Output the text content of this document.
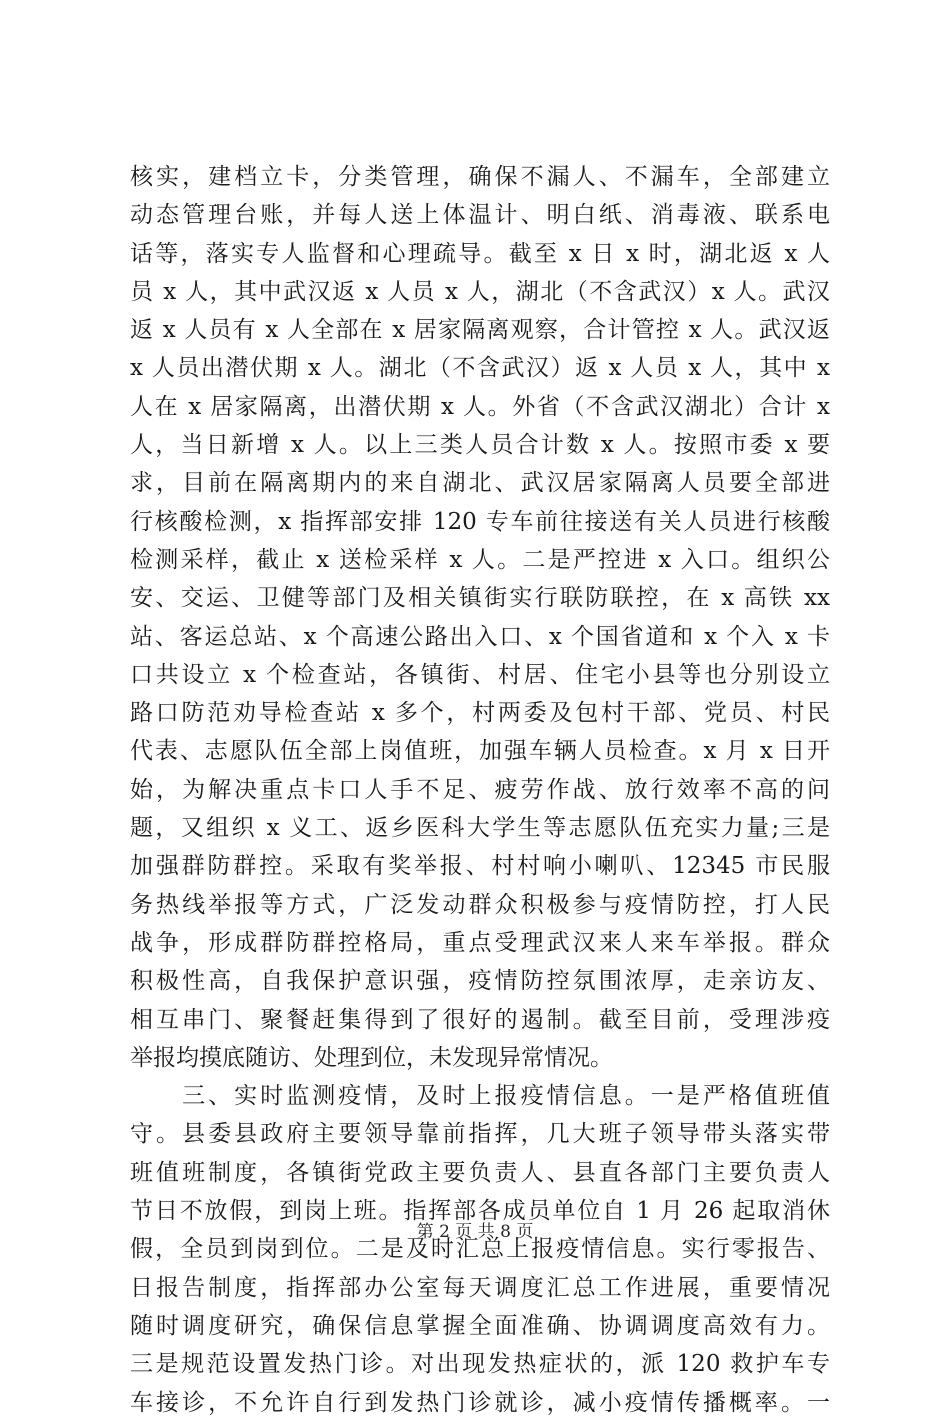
核实，建档立卡，分类管理，确保不漏人、不漏车，全部建立
动态管理台账，并每人送上体温计、明白纸、消毒液、联系电
话等，落实专人监督和心理疏导。截至 x 日 x 时，湖北返 x 人
员 x 人，其中武汉返 x 人员 x 人，湖北（不含武汉）x 人。武汉
返 x 人员有 x 人全部在 x 居家隔离观察，合计管控 x 人。武汉返
x 人员出潜伏期 x 人。湖北（不含武汉）返 x 人员 x 人，其中 x
人在 x 居家隔离，出潜伏期 x 人。外省（不含武汉湖北）合计 x
人，当日新增 x 人。以上三类人员合计数 x 人。按照市委 x 要
求，目前在隔离期内的来自湖北、武汉居家隔离人员要全部进
行核酸检测，x 指挥部安排 120 专车前往接送有关人员进行核酸
检测采样，截止 x 送检采样 x 人。二是严控进 x 入口。组织公
安、交运、卫健等部门及相关镇街实行联防联控，在 x 高铁 xx
站、客运总站、x 个高速公路出入口、x 个国省道和 x 个入 x 卡
口共设立 x 个检查站，各镇街、村居、住宅小县等也分别设立
路口防范劝导检查站 x 多个，村两委及包村干部、党员、村民
代表、志愿队伍全部上岗值班，加强车辆人员检查。x 月 x 日开
始，为解决重点卡口人手不足、疲劳作战、放行效率不高的问
题，又组织 x 义工、返乡医科大学生等志愿队伍充实力量;三是
加强群防群控。采取有奖举报、村村响小喇叭、12345 市民服
务热线举报等方式，广泛发动群众积极参与疫情防控，打人民
战争，形成群防群控格局，重点受理武汉来人来车举报。群众
积极性高，自我保护意识强，疫情防控氛围浓厚，走亲访友、
相互串门、聚餐赶集得到了很好的遏制。截至目前，受理涉疫
举报均摸底随访、处理到位，未发现异常情况。
　　三、实时监测疫情，及时上报疫情信息。一是严格值班值
守。县委县政府主要领导靠前指挥，几大班子领导带头落实带
班值班制度，各镇街党政主要负责人、县直各部门主要负责人
节日不放假，到岗上班。指挥部各成员单位自 1 月 26 起取消休
假，全员到岗到位。二是及时汇总上报疫情信息。实行零报告、
日报告制度，指挥部办公室每天调度汇总工作进展，重要情况
随时调度研究，确保信息掌握全面准确、协调调度高效有力。
三是规范设置发热门诊。对出现发热症状的，派 120 救护车专
车接诊，不允许自行到发热门诊就诊，减小疫情传播概率。一
第 2 页 共 8 页
